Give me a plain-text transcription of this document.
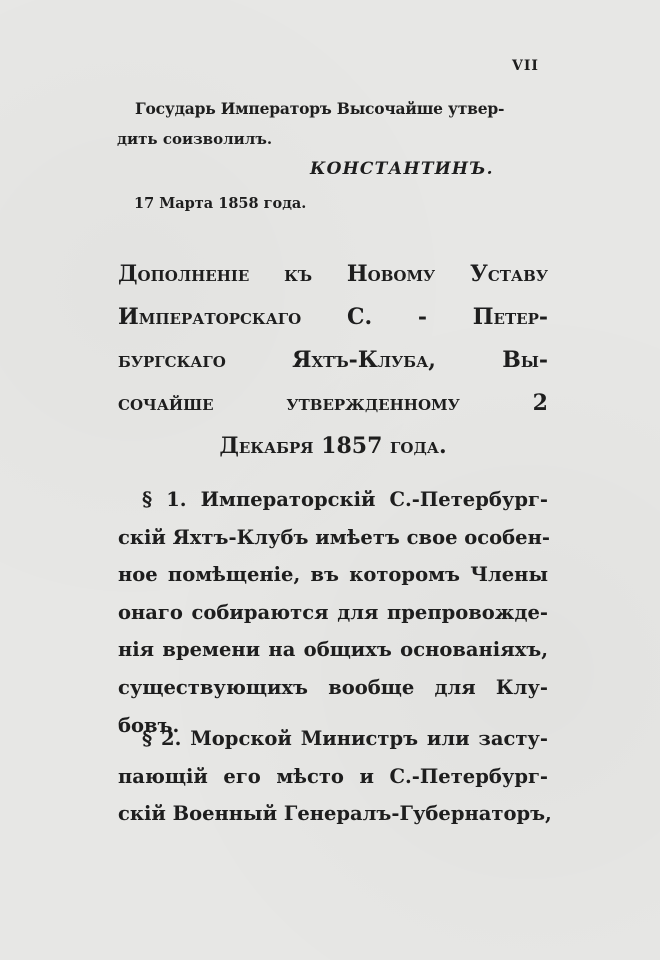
VII
Государь Императоръ Высочайше утвер-
дить соизволилъ.
КОНСТАНТИНЪ.
17 Марта 1858 года.
Дополненіе къ Новому Уставу
Императорскаго С. - Петер-
бургскаго Яхтъ-Клуба, Вы-
сочайше утвержденному 2
Декабря 1857 года.
§ 1. Императорскій С.-Петербург-
скій Яхтъ-Клубъ имѣетъ свое особен-
ное помѣщеніе, въ которомъ Члены
онаго собираются для препровожде-
нія времени на общихъ основаніяхъ,
существующихъ вообще для Клу-
бовъ.
§ 2. Морской Министръ или засту-
пающій его мѣсто и С.-Петербург-
скій Военный Генералъ-Губернаторъ,
